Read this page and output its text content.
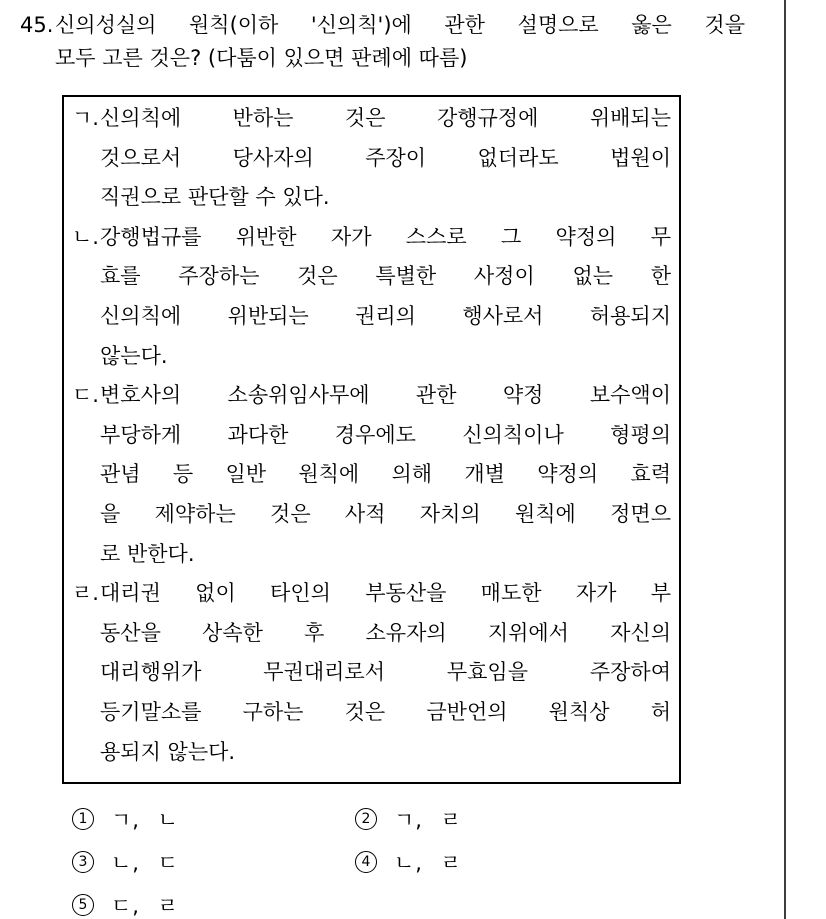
45. 신의성실의 원칙(이하 '신의칙')에 관한 설명으로 옳은 것을
모두 고른 것은? (다툼이 있으면 판례에 따름)
ㄱ. 신의칙에 반하는 것은 강행규정에 위배되는
것으로서 당사자의 주장이 없더라도 법원이
직권으로 판단할 수 있다.
ㄴ. 강행법규를 위반한 자가 스스로 그 약정의 무
효를 주장하는 것은 특별한 사정이 없는 한
신의칙에 위반되는 권리의 행사로서 허용되지
않는다.
ㄷ. 변호사의 소송위임사무에 관한 약정 보수액이
부당하게 과다한 경우에도 신의칙이나 형평의
관념 등 일반 원칙에 의해 개별 약정의 효력
을 제약하는 것은 사적 자치의 원칙에 정면으
로 반한다.
ㄹ. 대리권 없이 타인의 부동산을 매도한 자가 부
동산을 상속한 후 소유자의 지위에서 자신의
대리행위가 무권대리로서 무효임을 주장하여
등기말소를 구하는 것은 금반언의 원칙상 허
용되지 않는다.
1	ㄱ, ㄴ	2	ㄱ, ㄹ
3	ㄴ, ㄷ	4	ㄴ, ㄹ
5	ㄷ, ㄹ
